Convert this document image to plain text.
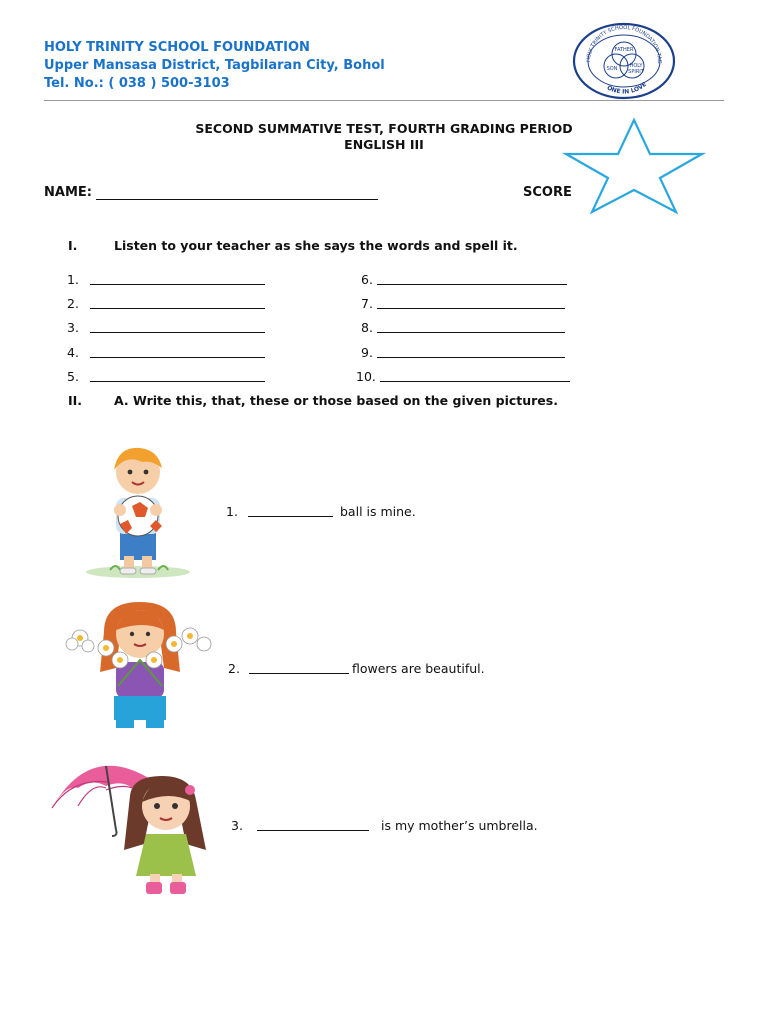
HOLY TRINITY SCHOOL FOUNDATION
Upper Mansasa District, Tagbilaran City, Bohol
Tel. No.: ( 038 ) 500-3103
HOLY TRINITY SCHOOL FOUNDATION TAG
ONE IN LOVE
FATHER
SON HOLY
SPIRIT
SECOND SUMMATIVE TEST, FOURTH GRADING PERIOD
ENGLISH III
NAME:	SCORE
I.	Listen to your teacher as she says the words and spell it.
1.
2.
3.
4.
5.
6.
7.
8.
9.
10.
II.	A. Write this, that, these or those based on the given pictures.
1.	ball is mine.
2.	flowers are beautiful.
3.	is my mother’s umbrella.
